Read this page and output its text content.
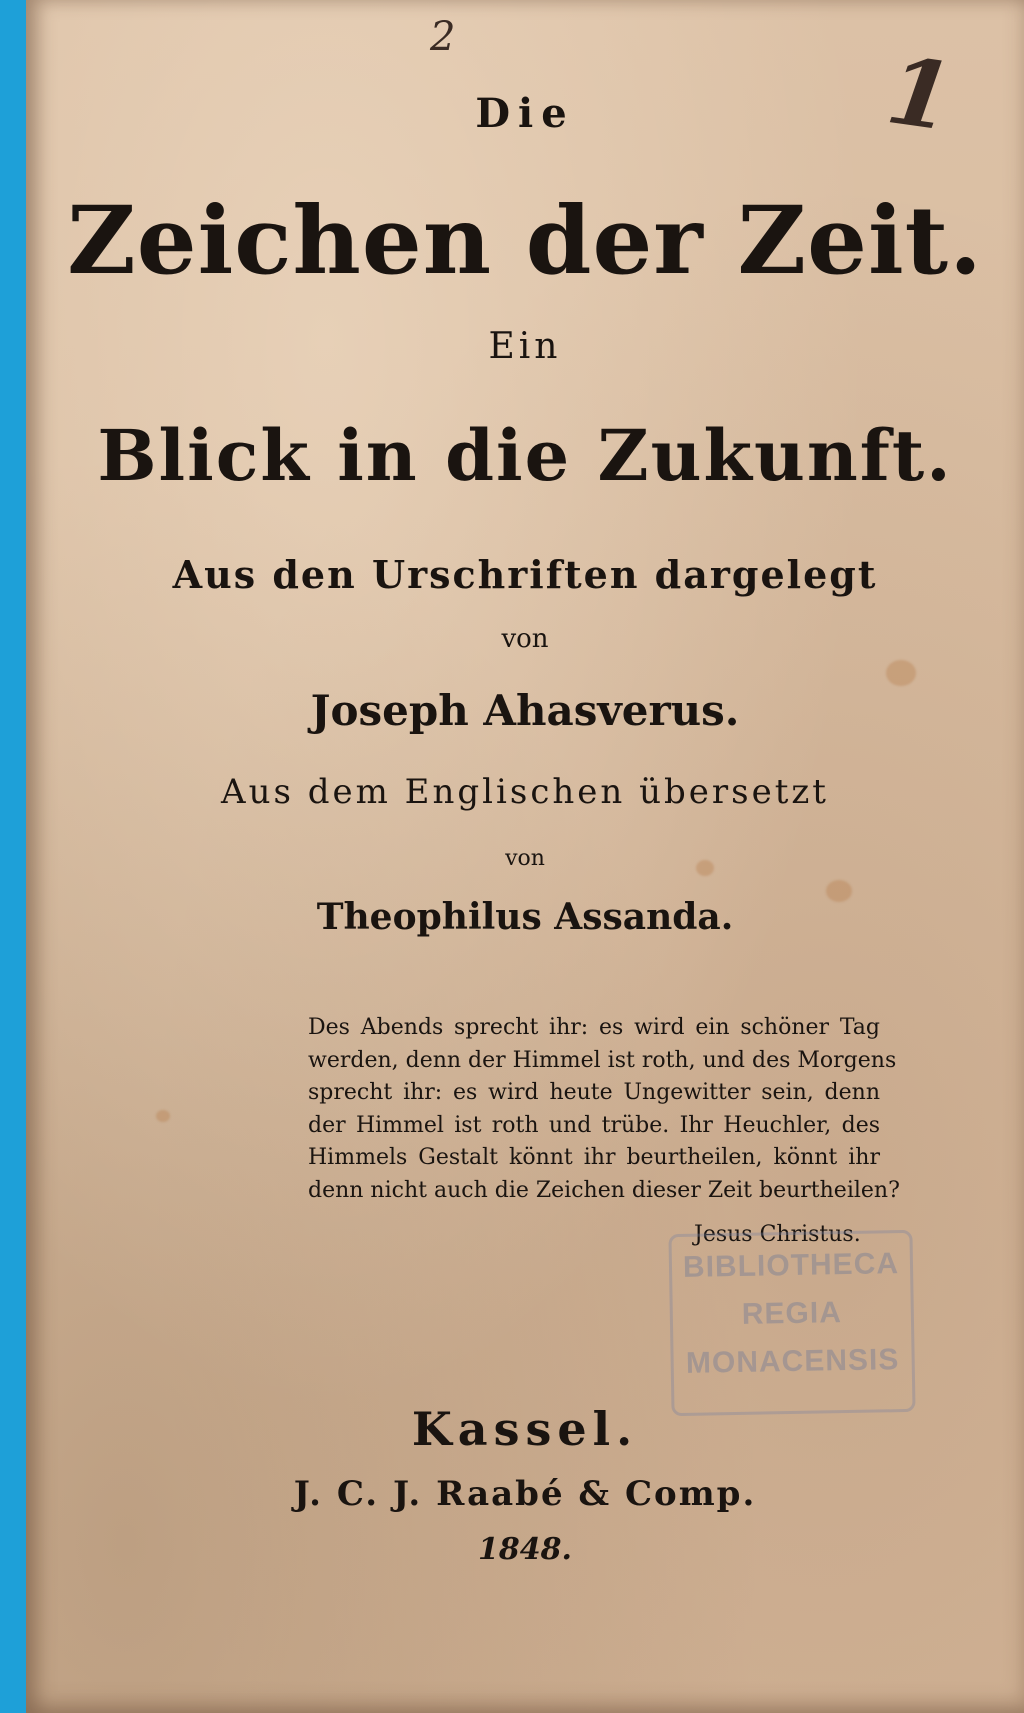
2	1
Die
Zeichen der Zeit.
Ein
Blick in die Zukunft.
Aus den Urschriften dargelegt
von
Joseph Ahasverus.
Aus dem Englischen übersetzt
von
Theophilus Assanda.
Des Abends sprecht ihr: es wird ein schöner Tag
werden, denn der Himmel ist roth, und des Morgens
sprecht ihr: es wird heute Ungewitter sein, denn
der Himmel ist roth und trübe. Ihr Heuchler, des
Himmels Gestalt könnt ihr beurtheilen, könnt ihr
denn nicht auch die Zeichen dieser Zeit beurtheilen?
Jesus Christus.
BIBLIOTHECA
REGIA
MONACENSIS
Kassel.
J. C. J. Raabé & Comp.
1848.
